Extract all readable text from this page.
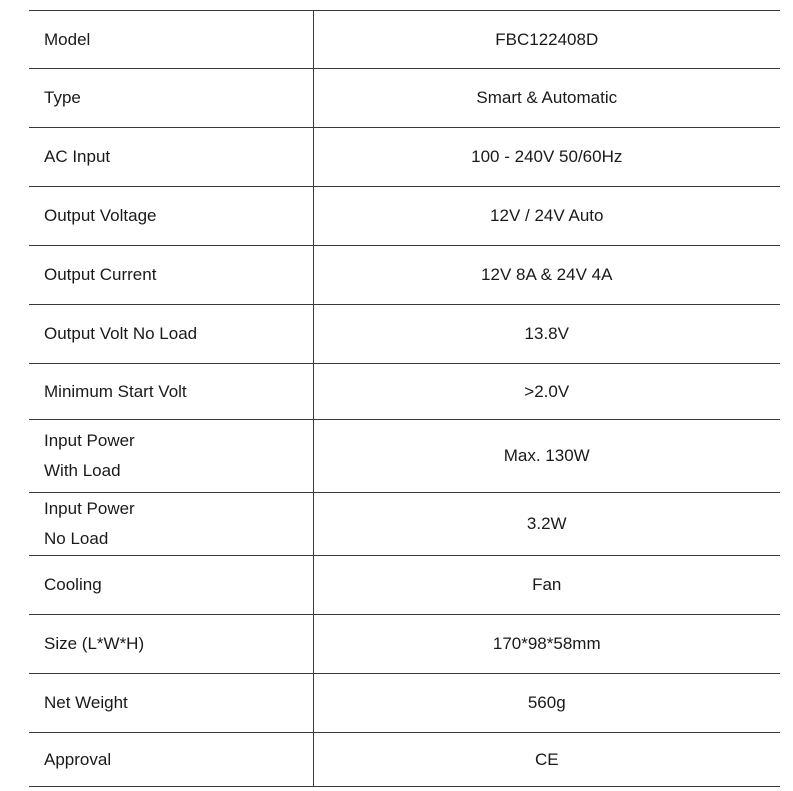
Model	FBC122408D
Type	Smart & Automatic
AC Input	100 - 240V 50/60Hz
Output Voltage	12V / 24V Auto
Output Current	12V 8A & 24V 4A
Output Volt No Load	13.8V
Minimum Start Volt	>2.0V

Input Power
With Load	Max. 130W

Input Power
No Load	3.2W
Cooling	Fan
Size (L*W*H)	170*98*58mm
Net Weight	560g
Approval	CE
